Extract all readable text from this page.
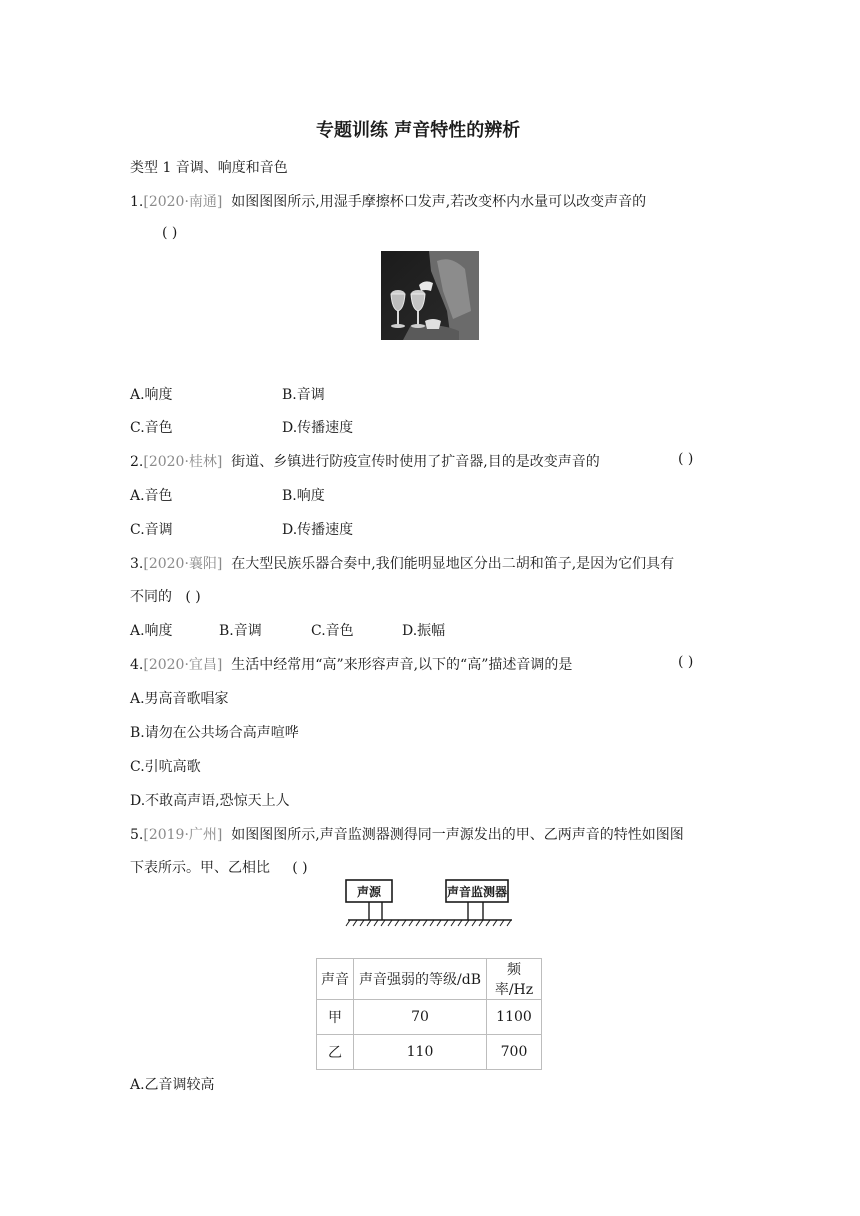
专题训练 声音特性的辨析
类型 1 音调、响度和音色
1.[2020·南通] 如图图图所示,用湿手摩擦杯口发声,若改变杯内水量可以改变声音的
( )
A.响度	B.音调
C.音色	D.传播速度
2.[2020·桂林] 街道、乡镇进行防疫宣传时使用了扩音器,目的是改变声音的	( )
A.音色	B.响度
C.音调	D.传播速度
3.[2020·襄阳] 在大型民族乐器合奏中,我们能明显地区分出二胡和笛子,是因为它们具有
不同的 ( )
A.响度	B.音调	C.音色	D.振幅
4.[2020·宜昌] 生活中经常用“高”来形容声音,以下的“高”描述音调的是	( )
A.男高音歌唱家
B.请勿在公共场合高声喧哗
C.引吭高歌
D.不敢高声语,恐惊天上人
5.[2019·广州] 如图图图所示,声音监测器测得同一声源发出的甲、乙两声音的特性如图图
下表所示。甲、乙相比 ( )
声源	声音监测器
声音	声音强弱的等级/dB	频率/Hz
甲	70	1100
乙	110	700
A.乙音调较高
